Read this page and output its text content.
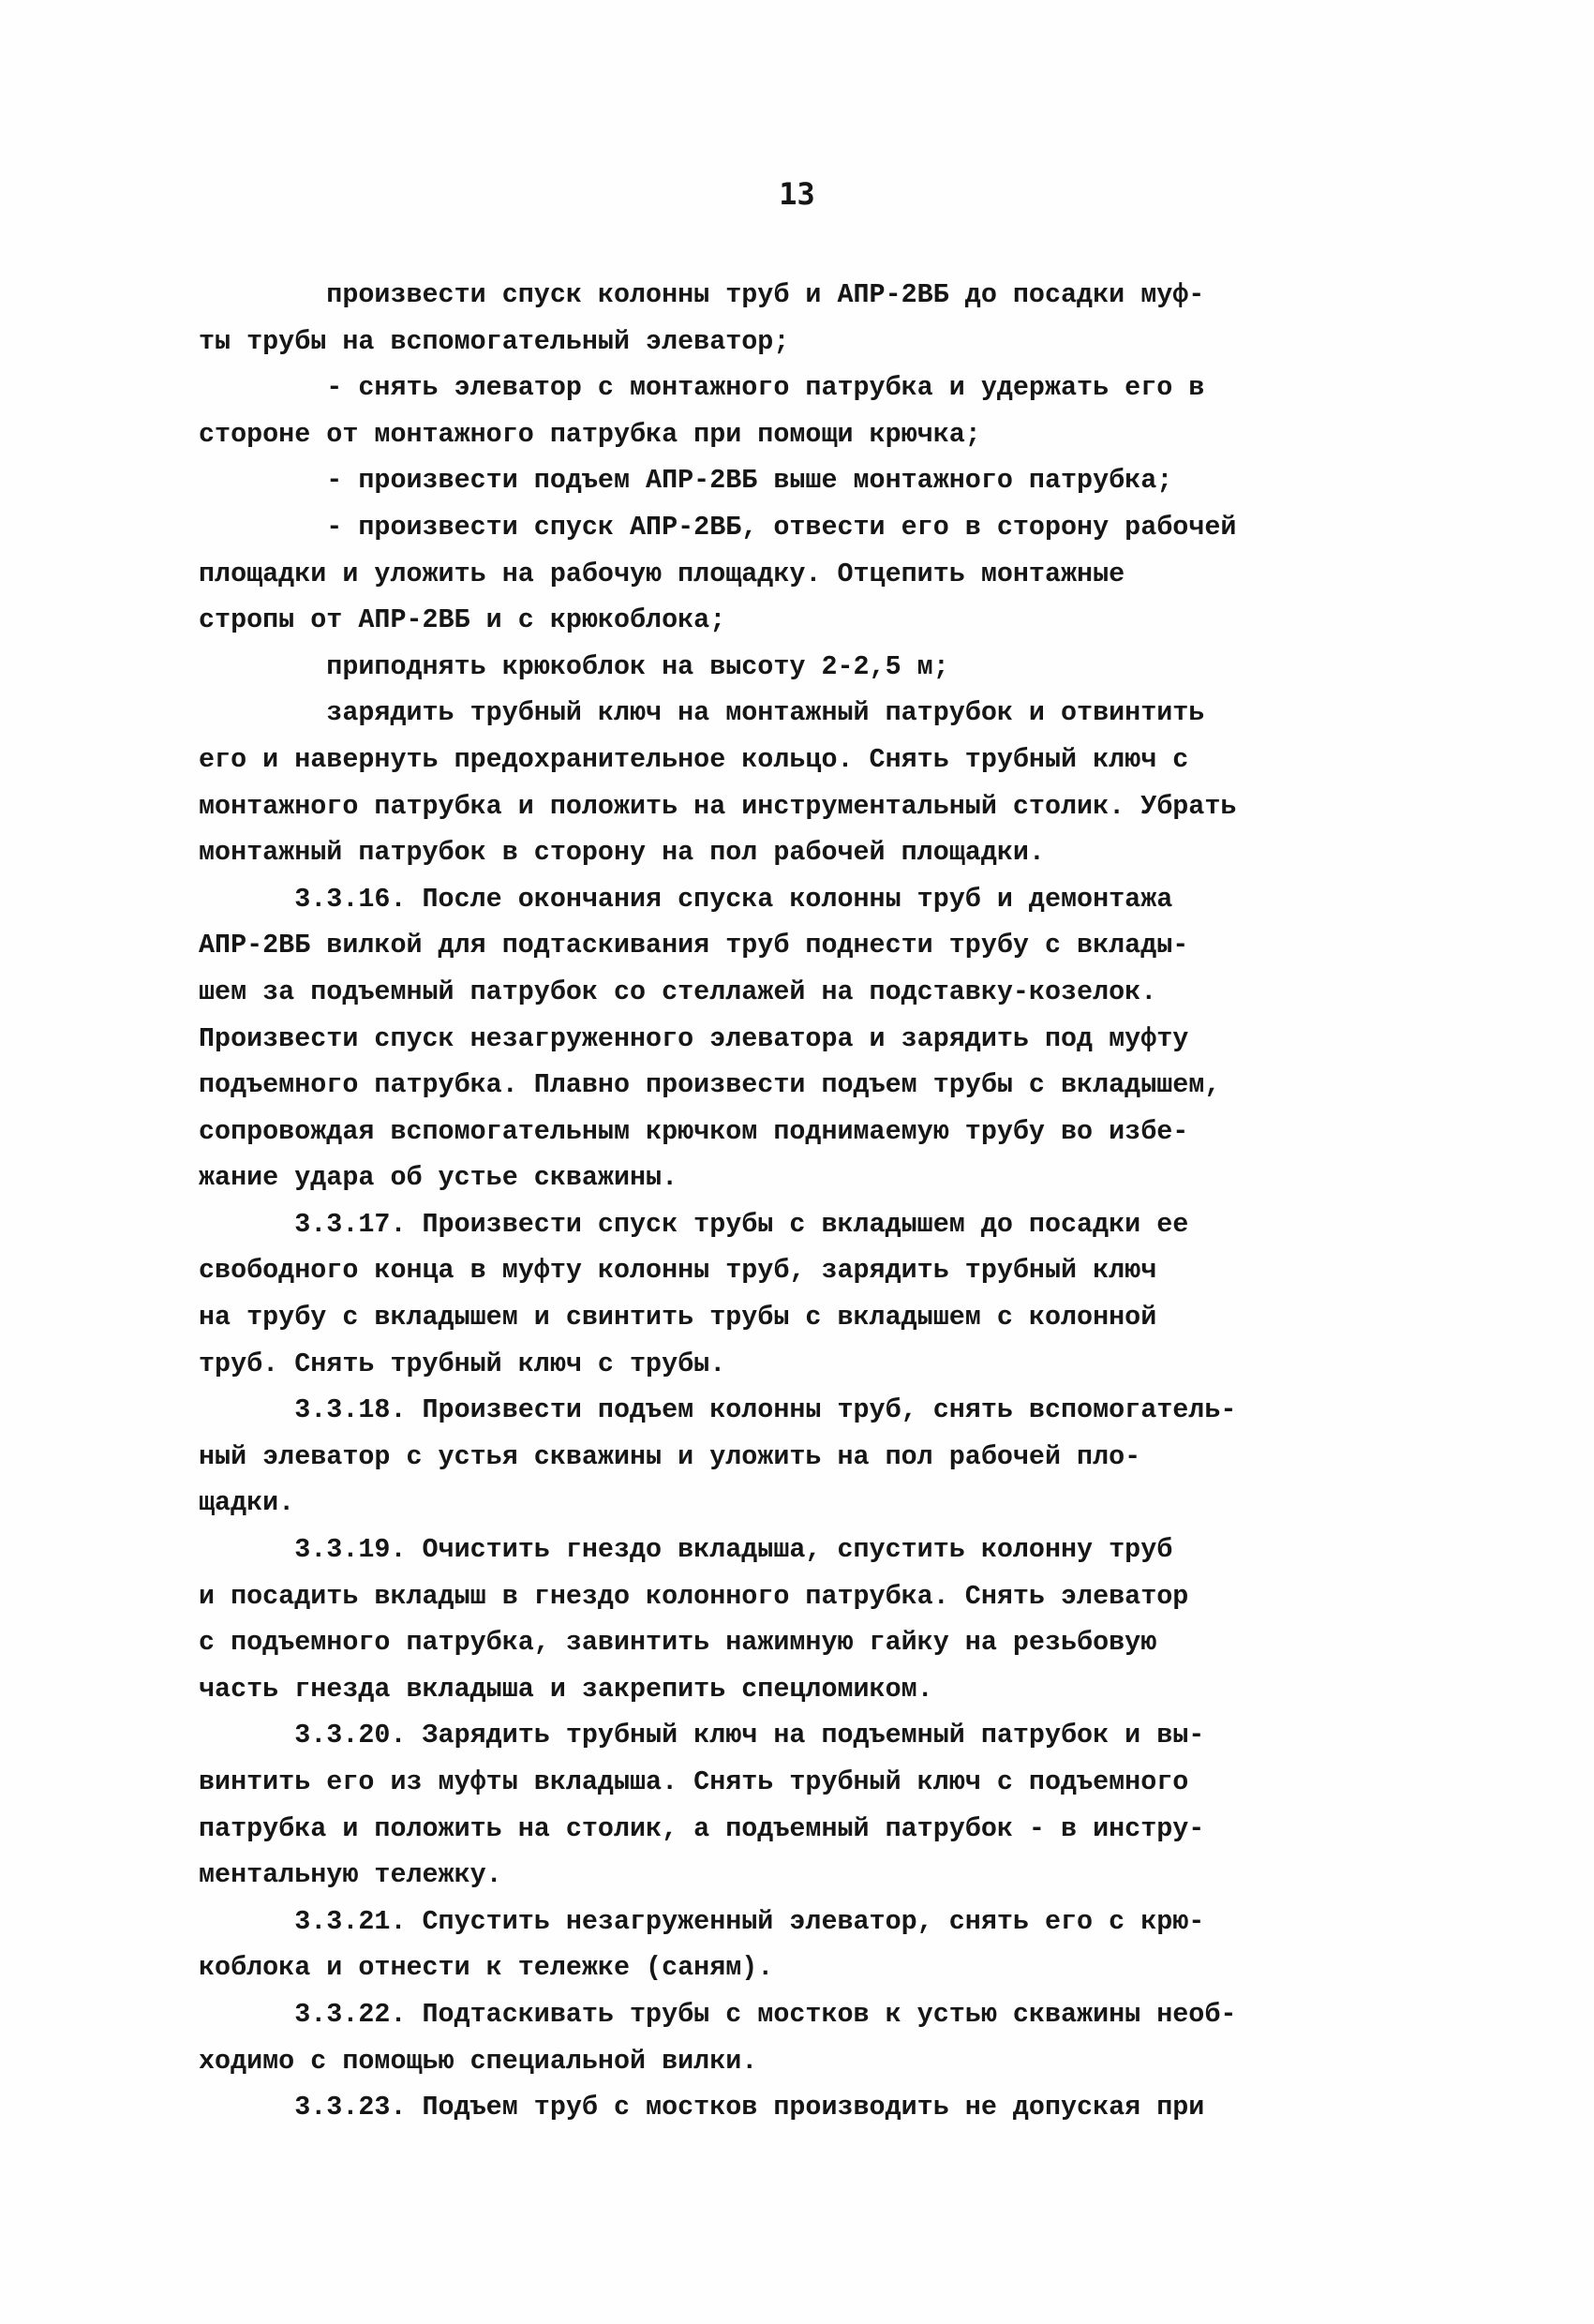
13
произвести спуск колонны труб и АПР-2ВБ до посадки муф-
ты трубы на вспомогательный элеватор;
- снять элеватор с монтажного патрубка и удержать его в
стороне от монтажного патрубка при помощи крючка;
- произвести подъем АПР-2ВБ выше монтажного патрубка;
- произвести спуск АПР-2ВБ, отвести его в сторону рабочей
площадки и уложить на рабочую площадку. Отцепить монтажные
стропы от АПР-2ВБ и с крюкоблока;
приподнять крюкоблок на высоту 2-2,5 м;
зарядить трубный ключ на монтажный патрубок и отвинтить
его и навернуть предохранительное кольцо. Снять трубный ключ с
монтажного патрубка и положить на инструментальный столик. Убрать
монтажный патрубок в сторону на пол рабочей площадки.
3.3.16. После окончания спуска колонны труб и демонтажа
АПР-2ВБ вилкой для подтаскивания труб поднести трубу с вклады-
шем за подъемный патрубок со стеллажей на подставку-козелок.
Произвести спуск незагруженного элеватора и зарядить под муфту
подъемного патрубка. Плавно произвести подъем трубы с вкладышем,
сопровождая вспомогательным крючком поднимаемую трубу во избе-
жание удара об устье скважины.
3.3.17. Произвести спуск трубы с вкладышем до посадки ее
свободного конца в муфту колонны труб, зарядить трубный ключ
на трубу с вкладышем и свинтить трубы с вкладышем с колонной
труб. Снять трубный ключ с трубы.
3.3.18. Произвести подъем колонны труб, снять вспомогатель-
ный элеватор с устья скважины и уложить на пол рабочей пло-
щадки.
3.3.19. Очистить гнездо вкладыша, спустить колонну труб
и посадить вкладыш в гнездо колонного патрубка. Снять элеватор
с подъемного патрубка, завинтить нажимную гайку на резьбовую
часть гнезда вкладыша и закрепить спецломиком.
3.3.20. Зарядить трубный ключ на подъемный патрубок и вы-
винтить его из муфты вкладыша. Снять трубный ключ с подъемного
патрубка и положить на столик, а подъемный патрубок - в инстру-
ментальную тележку.
3.3.21. Спустить незагруженный элеватор, снять его с крю-
коблока и отнести к тележке (саням).
3.3.22. Подтаскивать трубы с мостков к устью скважины необ-
ходимо с помощью специальной вилки.
3.3.23. Подъем труб с мостков производить не допуская при
